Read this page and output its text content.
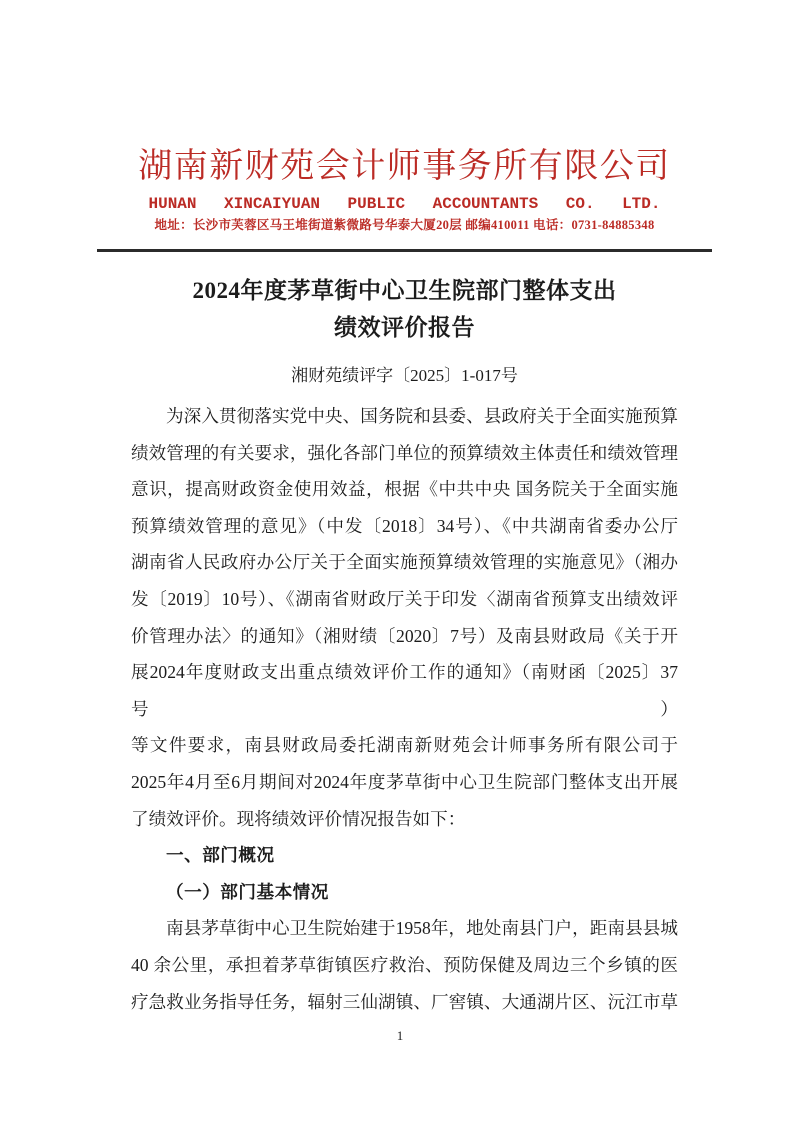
湖南新财苑会计师事务所有限公司
HUNAN XINCAIYUAN PUBLIC ACCOUNTANTS CO. LTD.
地址：长沙市芙蓉区马王堆街道紫微路号华泰大厦20层 邮编410011 电话：0731-84885348
2024年度茅草街中心卫生院部门整体支出
绩效评价报告
湘财苑绩评字〔2025〕1-017号
为深入贯彻落实党中央、国务院和县委、县政府关于全面实施预算
绩效管理的有关要求，强化各部门单位的预算绩效主体责任和绩效管理
意识，提高财政资金使用效益，根据《中共中央 国务院关于全面实施
预算绩效管理的意见》（中发〔2018〕34号）、《中共湖南省委办公厅
湖南省人民政府办公厅关于全面实施预算绩效管理的实施意见》（湘办
发〔2019〕10号）、《湖南省财政厅关于印发〈湖南省预算支出绩效评
价管理办法〉的通知》（湘财绩〔2020〕7号）及南县财政局《关于开
展2024年度财政支出重点绩效评价工作的通知》（南财函〔2025〕37 号）
等文件要求，南县财政局委托湖南新财苑会计师事务所有限公司于
2025年4月至6月期间对2024年度茅草街中心卫生院部门整体支出开展
了绩效评价。现将绩效评价情况报告如下：
一、部门概况
（一）部门基本情况
南县茅草街中心卫生院始建于1958年，地处南县门户，距南县县城
40 余公里，承担着茅草街镇医疗救治、预防保健及周边三个乡镇的医
疗急救业务指导任务，辐射三仙湖镇、厂窖镇、大通湖片区、沅江市草
1
